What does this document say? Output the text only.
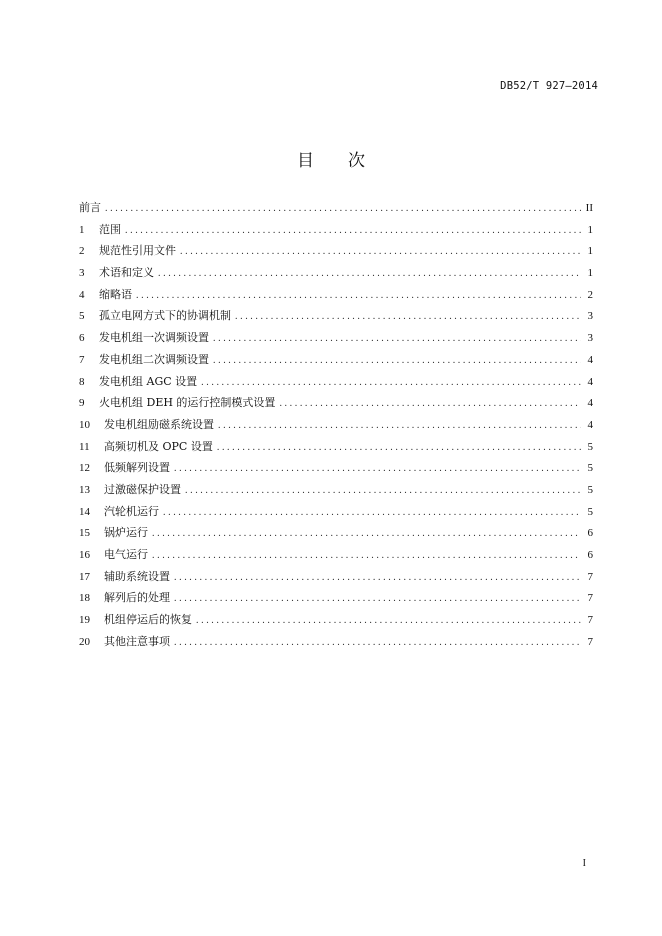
DB52/T 927—2014
目 次
前言 .....	II
1	范围 .....	1
2	规范性引用文件 .....	1
3	术语和定义 .....	1
4	缩略语 .....	2
5	孤立电网方式下的协调机制 .....	3
6	发电机组一次调频设置 .....	3
7	发电机组二次调频设置 .....	4
8	发电机组 AGC 设置 .....	4
9	火电机组 DEH 的运行控制模式设置 .....	4
10	发电机组励磁系统设置 .....	4
11	高频切机及 OPC 设置 .....	5
12	低频解列设置 .....	5
13	过激磁保护设置 .....	5
14	汽轮机运行 .....	5
15	锅炉运行 .....	6
16	电气运行 .....	6
17	辅助系统设置 .....	7
18	解列后的处理 .....	7
19	机组停运后的恢复 .....	7
20	其他注意事项 .....	7
I
